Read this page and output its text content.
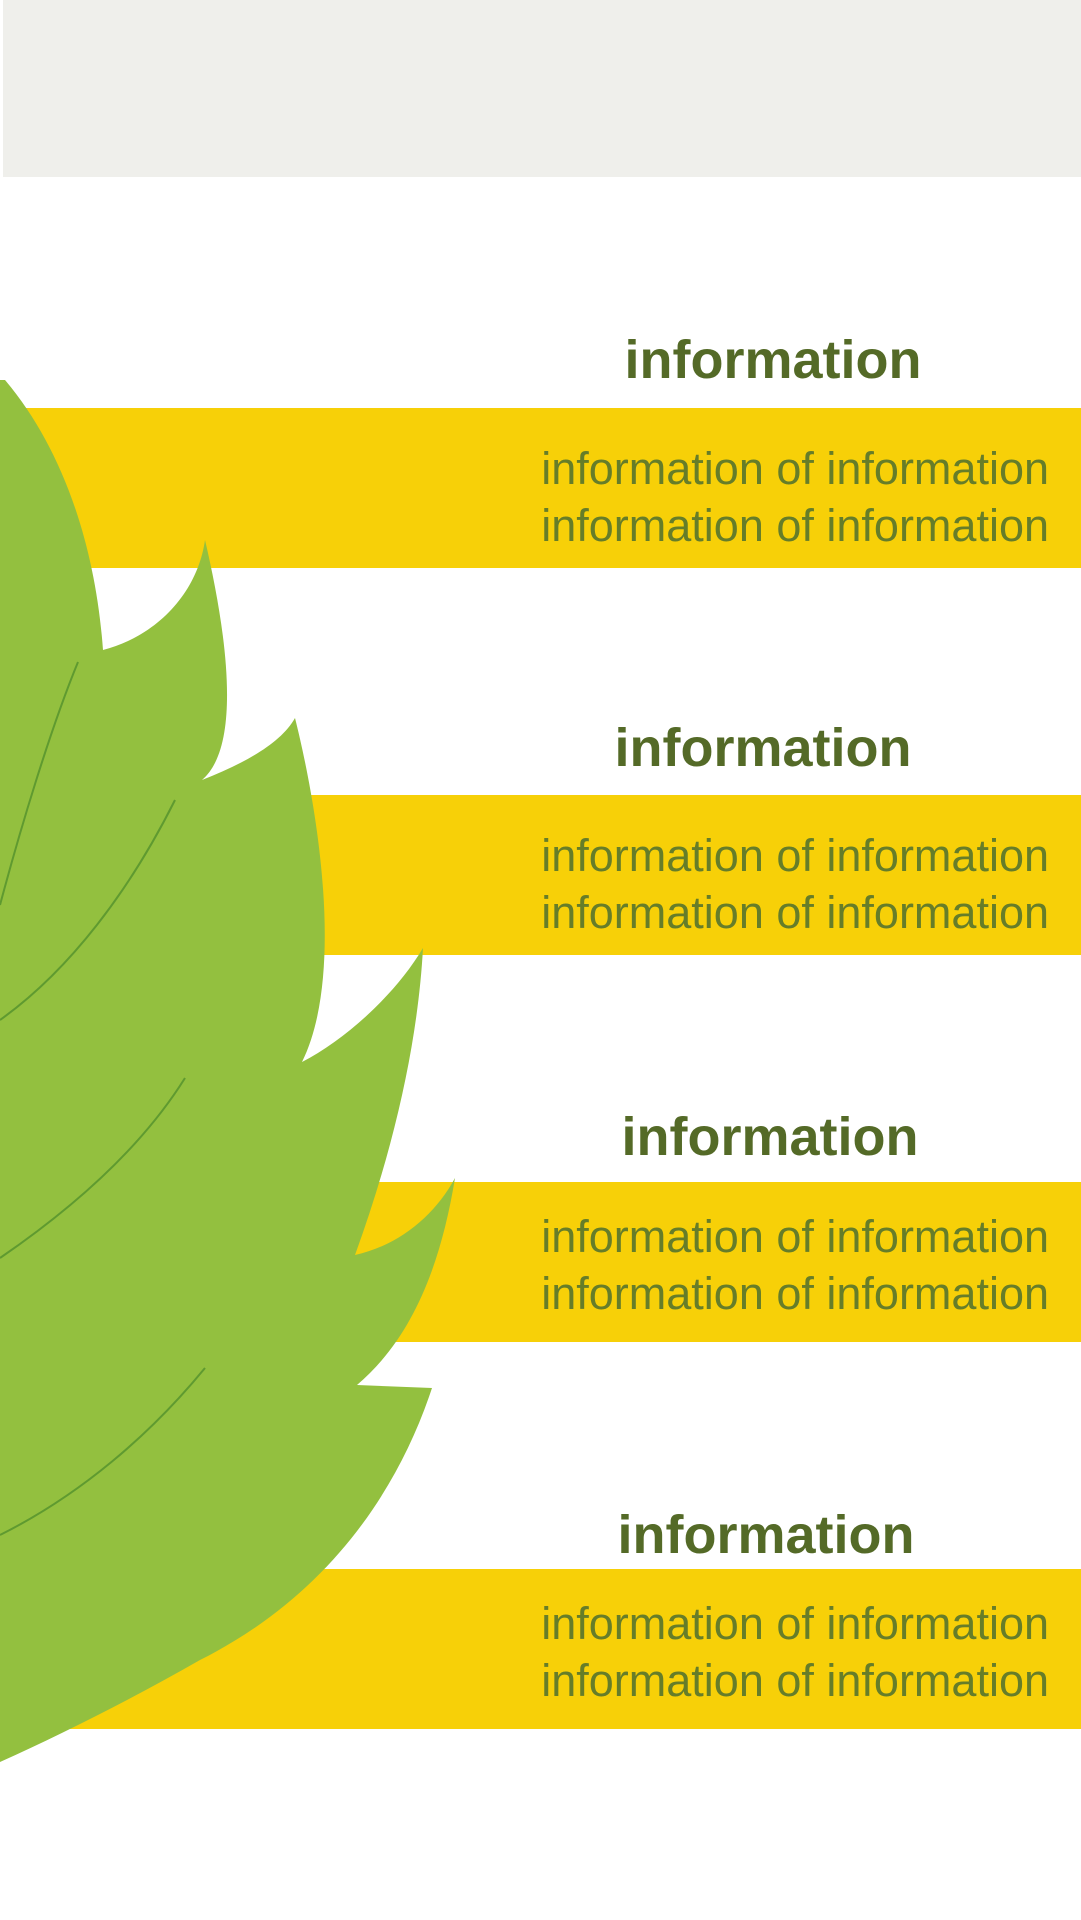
information

information of information
information of information

information

information of information
information of information

information

information of information
information of information

information

information of information
information of information
